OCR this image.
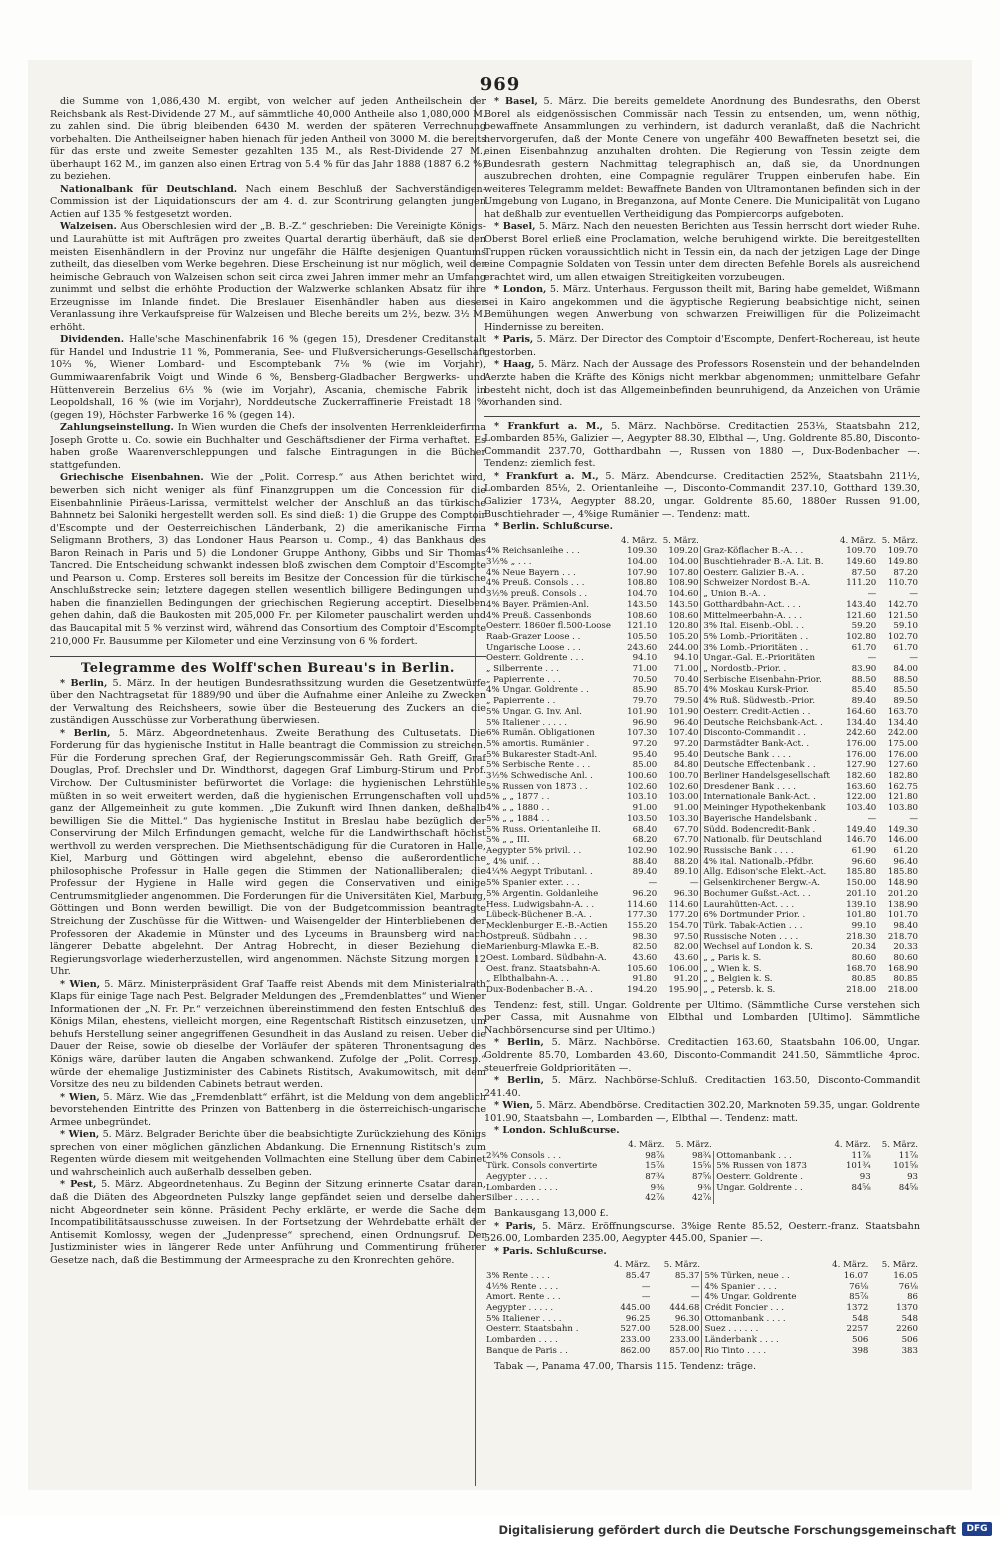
969

die Summe von 1,086,430 M. ergibt, von welcher auf jeden Antheilschein der Reichsbank als Rest-Dividende 27 M., auf sämmtliche 40,000 Antheile also 1,080,000 M. zu zahlen sind. Die übrig bleibenden 6430 M. werden der späteren Verrechnung vorbehalten. Die Antheilseigner haben hienach für jeden Antheil von 3000 M. die bereits für das erste und zweite Semester gezahlten 135 M., als Rest-Dividende 27 M., überhaupt 162 M., im ganzen also einen Ertrag von 5.4 % für das Jahr 1888 (1887 6.2 %) zu beziehen.

Nationalbank für Deutschland. Nach einem Beschluß der Sachverständigen-Commission ist der Liquidationscurs der am 4. d. zur Scontrirung gelangten jungen Actien auf 135 % festgesetzt worden.

Walzeisen. Aus Oberschlesien wird der „B. B.-Z.“ geschrieben: Die Vereinigte Königs- und Laurahütte ist mit Aufträgen pro zweites Quartal derartig überhäuft, daß sie den meisten Eisenhändlern in der Provinz nur ungefähr die Hälfte desjenigen Quantums zutheilt, das dieselben vom Werke begehren. Diese Erscheinung ist nur möglich, weil der heimische Gebrauch von Walzeisen schon seit circa zwei Jahren immer mehr an Umfang zunimmt und selbst die erhöhte Production der Walzwerke schlanken Absatz für ihre Erzeugnisse im Inlande findet. Die Breslauer Eisenhändler haben aus dieser Veranlassung ihre Verkaufspreise für Walzeisen und Bleche bereits um 2½, bezw. 3½ M. erhöht.

Dividenden. Halle'sche Maschinenfabrik 16 % (gegen 15), Dresdener Creditanstalt für Handel und Industrie 11 %, Pommerania, See- und Flußversicherungs-Gesellschaft 10⅔ %, Wiener Lombard- und Escomptebank 7⅛ % (wie im Vorjahr), Gummiwaarenfabrik Voigt und Winde 6 %, Bensberg-Gladbacher Bergwerks- und Hüttenverein Berzelius 6⅓ % (wie im Vorjahr), Ascania, chemische Fabrik in Leopoldshall, 16 % (wie im Vorjahr), Norddeutsche Zuckerraffinerie Freistadt 18 % (gegen 19), Höchster Farbwerke 16 % (gegen 14).

Zahlungseinstellung. In Wien wurden die Chefs der insolventen Herrenkleiderfirma Joseph Grotte u. Co. sowie ein Buchhalter und Geschäftsdiener der Firma verhaftet. Es haben große Waarenverschleppungen und falsche Eintragungen in die Bücher stattgefunden.

Griechische Eisenbahnen. Wie der „Polit. Corresp.“ aus Athen berichtet wird, bewerben sich nicht weniger als fünf Finanzgruppen um die Concession für die Eisenbahnlinie Piräeus-Larissa, vermittelst welcher der Anschluß an das türkische Bahnnetz bei Saloniki hergestellt werden soll. Es sind dieß: 1) die Gruppe des Comptoir d'Escompte und der Oesterreichischen Länderbank, 2) die amerikanische Firma Seligmann Brothers, 3) das Londoner Haus Pearson u. Comp., 4) das Bankhaus des Baron Reinach in Paris und 5) die Londoner Gruppe Anthony, Gibbs und Sir Thomas Tancred. Die Entscheidung schwankt indessen bloß zwischen dem Comptoir d'Escompte und Pearson u. Comp. Ersteres soll bereits im Besitze der Concession für die türkische Anschlußstrecke sein; letztere dagegen stellen wesentlich billigere Bedingungen und haben die finanziellen Bedingungen der griechischen Regierung acceptirt. Dieselben gehen dahin, daß die Baukosten mit 205,000 Fr. per Kilometer pauschalirt werden und das Baucapital mit 5 % verzinst wird, während das Consortium des Comptoir d'Escompte 210,000 Fr. Bausumme per Kilometer und eine Verzinsung von 6 % fordert.

Telegramme des Wolff'schen Bureau's in Berlin.

* Berlin, 5. März. In der heutigen Bundesrathssitzung wurden die Gesetzentwürfe über den Nachtragsetat für 1889/90 und über die Aufnahme einer Anleihe zu Zwecken der Verwaltung des Reichsheers, sowie über die Besteuerung des Zuckers an die zuständigen Ausschüsse zur Vorberathung überwiesen.

* Berlin, 5. März. Abgeordnetenhaus. Zweite Berathung des Cultusetats. Die Forderung für das hygienische Institut in Halle beantragt die Commission zu streichen. Für die Forderung sprechen Graf, der Regierungscommissär Geh. Rath Greiff, Graf Douglas, Prof. Drechsler und Dr. Windthorst, dagegen Graf Limburg-Stirum und Prof. Virchow. Der Cultusminister befürwortet die Vorlage: die hygienischen Lehrstühle müßten in so weit erweitert werden, daß die hygienischen Errungenschaften voll und ganz der Allgemeinheit zu gute kommen. „Die Zukunft wird Ihnen danken, deßhalb bewilligen Sie die Mittel.“ Das hygienische Institut in Breslau habe bezüglich der Conservirung der Milch Erfindungen gemacht, welche für die Landwirthschaft höchst werthvoll zu werden versprechen. Die Miethsentschädigung für die Curatoren in Halle, Kiel, Marburg und Göttingen wird abgelehnt, ebenso die außerordentliche philosophische Professur in Halle gegen die Stimmen der Nationalliberalen; die Professur der Hygiene in Halle wird gegen die Conservativen und einige Centrumsmitglieder angenommen. Die Forderungen für die Universitäten Kiel, Marburg, Göttingen und Bonn werden bewilligt. Die von der Budgetcommission beantragte Streichung der Zuschüsse für die Wittwen- und Waisengelder der Hinterbliebenen der Professoren der Akademie in Münster und des Lyceums in Braunsberg wird nach längerer Debatte abgelehnt. Der Antrag Hobrecht, in dieser Beziehung die Regierungsvorlage wiederherzustellen, wird angenommen. Nächste Sitzung morgen 12 Uhr.

* Wien, 5. März. Ministerpräsident Graf Taaffe reist Abends mit dem Ministerialrath Klaps für einige Tage nach Pest. Belgrader Meldungen des „Fremdenblattes“ und Wiener Informationen der „N. Fr. Pr.“ verzeichnen übereinstimmend den festen Entschluß des Königs Milan, ehestens, vielleicht morgen, eine Regentschaft Ristitsch einzusetzen, um behufs Herstellung seiner angegriffenen Gesundheit in das Ausland zu reisen. Ueber die Dauer der Reise, sowie ob dieselbe der Vorläufer der späteren Thronentsagung des Königs wäre, darüber lauten die Angaben schwankend. Zufolge der „Polit. Corresp.“ würde der ehemalige Justizminister des Cabinets Ristitsch, Avakumowitsch, mit dem Vorsitze des neu zu bildenden Cabinets betraut werden.

* Wien, 5. März. Wie das „Fremdenblatt“ erfährt, ist die Meldung von dem angeblich bevorstehenden Eintritte des Prinzen von Battenberg in die österreichisch-ungarische Armee unbegründet.

* Wien, 5. März. Belgrader Berichte über die beabsichtigte Zurückziehung des Königs sprechen von einer möglichen gänzlichen Abdankung. Die Ernennung Ristitsch's zum Regenten würde diesem mit weitgehenden Vollmachten eine Stellung über dem Cabinet und wahrscheinlich auch außerhalb desselben geben.

* Pest, 5. März. Abgeordnetenhaus. Zu Beginn der Sitzung erinnerte Csatar daran, daß die Diäten des Abgeordneten Pulszky lange gepfändet seien und derselbe daher nicht Abgeordneter sein könne. Präsident Pechy erklärte, er werde die Sache dem Incompatibilitätsausschusse zuweisen. In der Fortsetzung der Wehrdebatte erhält der Antisemit Komlossy, wegen der „Judenpresse“ sprechend, einen Ordnungsruf. Der Justizminister wies in längerer Rede unter Anführung und Commentirung früherer Gesetze nach, daß die Bestimmung der Armeesprache zu den Kronrechten gehöre.

* Basel, 5. März. Die bereits gemeldete Anordnung des Bundesraths, den Oberst Borel als eidgenössischen Commissär nach Tessin zu entsenden, um, wenn nöthig, bewaffnete Ansammlungen zu verhindern, ist dadurch veranlaßt, daß die Nachricht hervorgerufen, daß der Monte Cenere von ungefähr 400 Bewaffneten besetzt sei, die einen Eisenbahnzug anzuhalten drohten. Die Regierung von Tessin zeigte dem Bundesrath gestern Nachmittag telegraphisch an, daß sie, da Unordnungen auszubrechen drohten, eine Compagnie regulärer Truppen einberufen habe. Ein weiteres Telegramm meldet: Bewaffnete Banden von Ultramontanen befinden sich in der Umgebung von Lugano, in Breganzona, auf Monte Cenere. Die Municipalität von Lugano hat deßhalb zur eventuellen Vertheidigung das Pompiercorps aufgeboten.

* Basel, 5. März. Nach den neuesten Berichten aus Tessin herrscht dort wieder Ruhe. Oberst Borel erließ eine Proclamation, welche beruhigend wirkte. Die bereitgestellten Truppen rücken voraussichtlich nicht in Tessin ein, da nach der jetzigen Lage der Dinge eine Compagnie Soldaten von Tessin unter dem directen Befehle Borels als ausreichend erachtet wird, um allen etwaigen Streitigkeiten vorzubeugen.

* London, 5. März. Unterhaus. Fergusson theilt mit, Baring habe gemeldet, Wißmann sei in Kairo angekommen und die ägyptische Regierung beabsichtige nicht, seinen Bemühungen wegen Anwerbung von schwarzen Freiwilligen für die Polizeimacht Hindernisse zu bereiten.

* Paris, 5. März. Der Director des Comptoir d'Escompte, Denfert-Rochereau, ist heute gestorben.

* Haag, 5. März. Nach der Aussage des Professors Rosenstein und der behandelnden Aerzte haben die Kräfte des Königs nicht merkbar abgenommen; unmittelbare Gefahr besteht nicht, doch ist das Allgemeinbefinden beunruhigend, da Anzeichen von Urämie vorhanden sind.

* Frankfurt a. M., 5. März. Nachbörse. Creditactien 253⅛, Staatsbahn 212, Lombarden 85⅜, Galizier —, Aegypter 88.30, Elbthal —, Ung. Goldrente 85.80, Disconto-Commandit 237.70, Gotthardbahn —, Russen von 1880 —, Dux-Bodenbacher —. Tendenz: ziemlich fest.

* Frankfurt a. M., 5. März. Abendcurse. Creditactien 252⅝, Staatsbahn 211½, Lombarden 85⅛, 2. Orientanleihe —, Disconto-Commandit 237.10, Gotthard 139.30, Galizier 173¼, Aegypter 88.20, ungar. Goldrente 85.60, 1880er Russen 91.00, Buschtiehrader —, 4%ige Rumänier —. Tendenz: matt.

* Berlin. Schlußcurse.

	4. März.	5. März.		4. März.	5. März.
4% Reichsanleihe . . .	109.30	109.20	Graz-Köflacher B.-A. . .	109.70	109.70
3½% „ . . .	104.00	104.00	Buschtiehrader B.-A. Lit. B.	149.60	149.80
4% Neue Bayern . . .	107.90	107.80	Oesterr. Galizier B.-A. .	87.50	87.20
4% Preuß. Consols . . .	108.80	108.90	Schweizer Nordost B.-A.	111.20	110.70
3½% preuß. Consols . .	104.70	104.60	„ Union B.-A. .	—	—
4% Bayer. Prämien-Anl.	143.50	143.50	Gotthardbahn-Act. . . .	143.40	142.70
4% Preuß. Cassenbonds	108.60	108.60	Mittelmeerbahn-A. . . .	121.60	121.50
Oesterr. 1860er fl.500-Loose	121.10	120.80	3% Ital. Eisenb.-Obl. . .	59.20	59.10
Raab-Grazer Loose . .	105.50	105.20	5% Lomb.-Prioritäten . .	102.80	102.70
Ungarische Loose . . .	243.60	244.00	3% Lomb.-Prioritäten . .	61.70	61.70
Oesterr. Goldrente . . .	94.10	94.10	Ungar.-Gal. E.-Prioritäten	—	—
„ Silberrente . . .	71.00	71.00	„ Nordostb.-Prior. .	83.90	84.00
„ Papierrente . . .	70.50	70.40	Serbische Eisenbahn-Prior.	88.50	88.50
4% Ungar. Goldrente . .	85.90	85.70	4% Moskau Kursk-Prior.	85.40	85.50
„ Papierrente . .	79.70	79.50	4% Ruß. Südwestb.-Prior.	89.40	89.50
5% Ungar. G. Inv. Anl.	101.90	101.90	Oesterr. Credit-Actien . .	164.60	163.70
5% Italiener . . . . .	96.90	96.40	Deutsche Reichsbank-Act. .	134.40	134.40
6% Rumän. Obligationen	107.30	107.40	Disconto-Commandit . .	242.60	242.00
5% amortis. Rumänier .	97.20	97.20	Darmstädter Bank-Act. .	176.00	175.00
5% Bukarester Stadt-Anl.	95.40	95.40	Deutsche Bank . . . .	176.00	176.00
5% Serbische Rente . . .	85.00	84.80	Deutsche Effectenbank . .	127.90	127.60
3½% Schwedische Anl. .	100.60	100.70	Berliner Handelsgesellschaft	182.60	182.80
5% Russen von 1873 . .	102.60	102.60	Dresdener Bank . . . .	163.60	162.75
5% „ „ 1877 . .	103.10	103.00	Internationale Bank-Act. .	122.00	121.80
4% „ „ 1880 . .	91.00	91.00	Meininger Hypothekenbank	103.40	103.80
5% „ „ 1884 . .	103.50	103.30	Bayerische Handelsbank .	—	—
5% Russ. Orientanleihe II.	68.40	67.70	Südd. Bodencredit-Bank .	149.40	149.30
5% „ „ III.	68.20	67.70	Nationalb. für Deutschland	146.70	146.00
Aegypter 5% privil. . .	102.90	102.90	Russische Bank . . . .	61.90	61.20
„ 4% unif. . .	88.40	88.20	4% ital. Nationalb.-Pfdbr.	96.60	96.40
4¼% Aegypt Tributanl. .	89.40	89.10	Allg. Edison'sche Elekt.-Act.	185.80	185.80
5% Spanier exter. . . .	—	—	Gelsenkirchener Bergw.-A.	150.00	148.90
5% Argentin. Goldanleihe	96.20	96.30	Bochumer Gußst.-Act. . .	201.10	201.20
Hess. Ludwigsbahn-A. . .	114.60	114.60	Laurahütten-Act. . . .	139.10	138.90
Lübeck-Büchener B.-A. .	177.30	177.20	6% Dortmunder Prior. .	101.80	101.70
Mecklenburger E.-B.-Actien	155.20	154.70	Türk. Tabak-Actien . . .	99.10	98.40
Ostpreuß. Südbahn . . .	98.30	97.50	Russische Noten . . . .	218.30	218.70
Marienburg-Mlawka E.-B.	82.50	82.00	Wechsel auf London k. S.	20.34	20.33
Oest. Lombard. Südbahn-A.	43.60	43.60	„ „ Paris k. S.	80.60	80.60
Oest. franz. Staatsbahn-A.	105.60	106.00	„ „ Wien k. S.	168.70	168.90
„ Elbthalbahn-A. . .	91.80	91.20	„ „ Belgien k. S.	80.85	80.85
Dux-Bodenbacher B.-A. .	194.20	195.90	„ „ Petersb. k. S.	218.00	218.00

Tendenz: fest, still. Ungar. Goldrente per Ultimo. (Sämmtliche Curse verstehen sich per Cassa, mit Ausnahme von Elbthal und Lombarden [Ultimo]. Sämmtliche Nachbörsencurse sind per Ultimo.)

* Berlin, 5. März. Nachbörse. Creditactien 163.60, Staatsbahn 106.00, Ungar. Goldrente 85.70, Lombarden 43.60, Disconto-Commandit 241.50, Sämmtliche 4proc. steuerfreie Goldprioritäten —.

* Berlin, 5. März. Nachbörse-Schluß. Creditactien 163.50, Disconto-Commandit 241.40.

* Wien, 5. März. Abendbörse. Creditactien 302.20, Marknoten 59.35, ungar. Goldrente 101.90, Staatsbahn —, Lombarden —, Elbthal —. Tendenz: matt.

* London. Schlußcurse.

	4. März.	5. März.		4. März.	5. März.
2¾% Consols . . .	98⅞	98¾	Ottomanbank . . .	11⅞	11⅞
Türk. Consols convertirte	15⅞	15⅝	5% Russen von 1873	101¾	101⅝
Aegypter . . . .	87¾	87⅝	Oesterr. Goldrente .	93	93
Lombarden . . . .	9⅜	9⅜	Ungar. Goldrente . .	84⅝	84⅝
Silber . . . . .	42⅞	42⅞			

Bankausgang 13,000 £.

* Paris, 5. März. Eröffnungscurse. 3%ige Rente 85.52, Oesterr.-franz. Staatsbahn 526.00, Lombarden 235.00, Aegypter 445.00, Spanier —.

* Paris. Schlußcurse.

	4. März.	5. März.		4. März.	5. März.
3% Rente . . . .	85.47	85.37	5% Türken, neue . .	16.07	16.05
4½% Rente . . . .	—	—	4% Spanier . . . .	76⅛	76⅛
Amort. Rente . . .	—	—	4% Ungar. Goldrente	85⅞	86
Aegypter . . . . .	445.00	444.68	Crédit Foncier . . .	1372	1370
5% Italiener . . . .	96.25	96.30	Ottomanbank . . . .	548	548
Oesterr. Staatsbahn .	527.00	528.00	Suez . . . . . .	2257	2260
Lombarden . . . .	233.00	233.00	Länderbank . . . .	506	506
Banque de Paris . .	862.00	857.00	Rio Tinto . . . .	398	383

Tabak —, Panama 47.00, Tharsis 115. Tendenz: träge.

Digitalisierung gefördert durch die Deutsche Forschungsgemeinschaft	DFG
